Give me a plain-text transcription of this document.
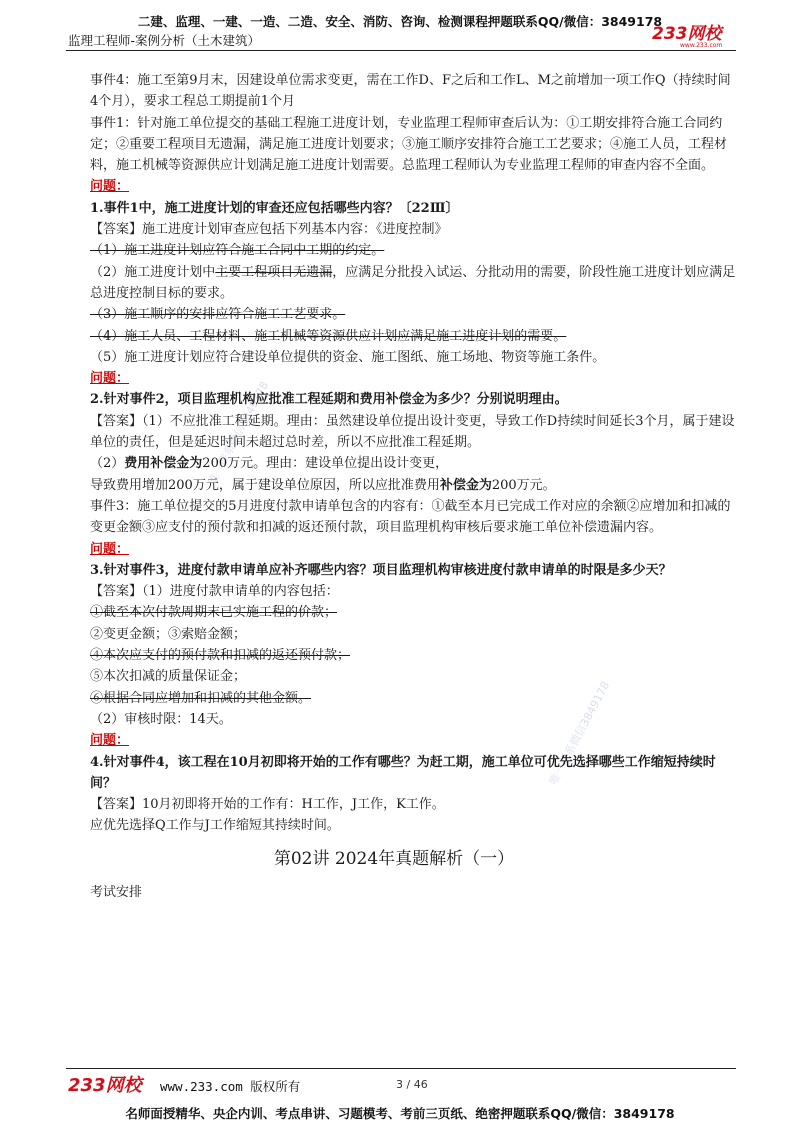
二建、监理、一建、一造、二造、安全、消防、咨询、检测课程押题联系QQ/微信：3849178
监理工程师-案例分析（土木建筑）	233网校
www.233.com
唯一联系微信3849178
唯一联系微信3849178

事件4：施工至第9月末，因建设单位需求变更，需在工作D、F之后和工作L、M之前增加一项工作Q（持续时间4个月），要求工程总工期提前1个月

事件1：针对施工单位提交的基础工程施工进度计划，专业监理工程师审查后认为：①工期安排符合施工合同约定；②重要工程项目无遗漏，满足施工进度计划要求；③施工顺序安排符合施工工艺要求；④施工人员，工程材料，施工机械等资源供应计划满足施工进度计划需要。总监理工程师认为专业监理工程师的审查内容不全面。

问题：

1.事件1中，施工进度计划的审查还应包括哪些内容？〔22Ⅲ〕

【答案】施工进度计划审查应包括下列基本内容：《进度控制》

（1）施工进度计划应符合施工合同中工期的约定。

（2）施工进度计划中主要工程项目无遗漏，应满足分批投入试运、分批动用的需要，阶段性施工进度计划应满足总进度控制目标的要求。

（3）施工顺序的安排应符合施工工艺要求。

（4）施工人员、工程材料、施工机械等资源供应计划应满足施工进度计划的需要。

（5）施工进度计划应符合建设单位提供的资金、施工图纸、施工场地、物资等施工条件。

问题：

2.针对事件2，项目监理机构应批准工程延期和费用补偿金为多少？分别说明理由。

【答案】（1）不应批准工程延期。理由：虽然建设单位提出设计变更，导致工作D持续时间延长3个月，属于建设单位的责任，但是延迟时间未超过总时差，所以不应批准工程延期。

（2）费用补偿金为200万元。理由：建设单位提出设计变更，

导致费用增加200万元，属于建设单位原因，所以应批准费用补偿金为200万元。

事件3：施工单位提交的5月进度付款申请单包含的内容有：①截至本月已完成工作对应的余额②应增加和扣减的变更金额③应支付的预付款和扣减的返还预付款，项目监理机构审核后要求施工单位补偿遗漏内容。

问题：

3.针对事件3，进度付款申请单应补齐哪些内容？项目监理机构审核进度付款申请单的时限是多少天？

【答案】（1）进度付款申请单的内容包括：

①截至本次付款周期末已实施工程的价款；

②变更金额；③索赔金额；

④本次应支付的预付款和扣减的返还预付款；

⑤本次扣减的质量保证金；

⑥根据合同应增加和扣减的其他金额。

（2）审核时限：14天。

问题：

4.针对事件4，该工程在10月初即将开始的工作有哪些？为赶工期，施工单位可优先选择哪些工作缩短持续时间？

【答案】10月初即将开始的工作有：H工作，J工作，K工作。

应优先选择Q工作与J工作缩短其持续时间。

第02讲 2024年真题解析（一）

考试安排

233网校 www.233.com 版权所有	3 / 46
名师面授精华、央企内训、考点串讲、习题模考、考前三页纸、绝密押题联系QQ/微信：3849178
